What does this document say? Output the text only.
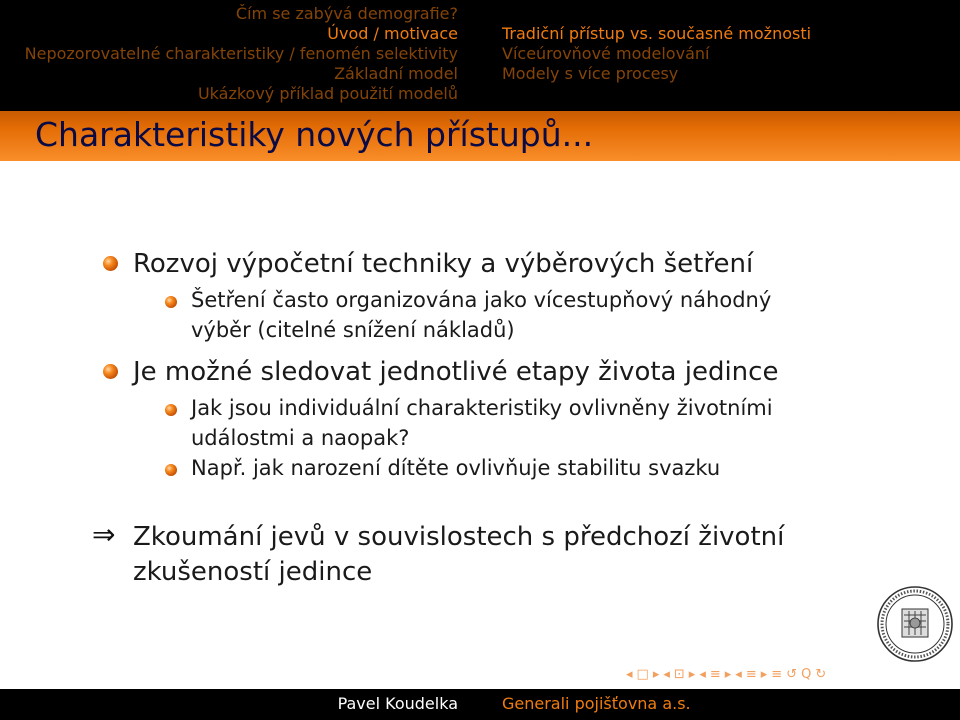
Čím se zabývá demografie?
Úvod / motivace
Nepozorovatelné charakteristiky / fenomén selektivity
Základní model
Ukázkový příklad použití modelů
Tradiční přístup vs. současné možnosti
Víceúrovňové modelování
Modely s více procesy
Charakteristiky nových přístupů...
Rozvoj výpočetní techniky a výběrových šetření
Šetření často organizována jako vícestupňový náhodný
výběr (citelné snížení nákladů)
Je možné sledovat jednotlivé etapy života jedince
Jak jsou individuální charakteristiky ovlivněny životními
událostmi a naopak?
Např. jak narození dítěte ovlivňuje stabilitu svazku
⇒ Zkoumání jevů v souvislostech s předchozí životní
zkušeností jedince
◂ □ ▸ ◂ ⊡ ▸ ◂ ≡ ▸ ◂ ≡ ▸ ≡ ↺ Q ↻
Pavel Koudelka	Generali pojišťovna a.s.
